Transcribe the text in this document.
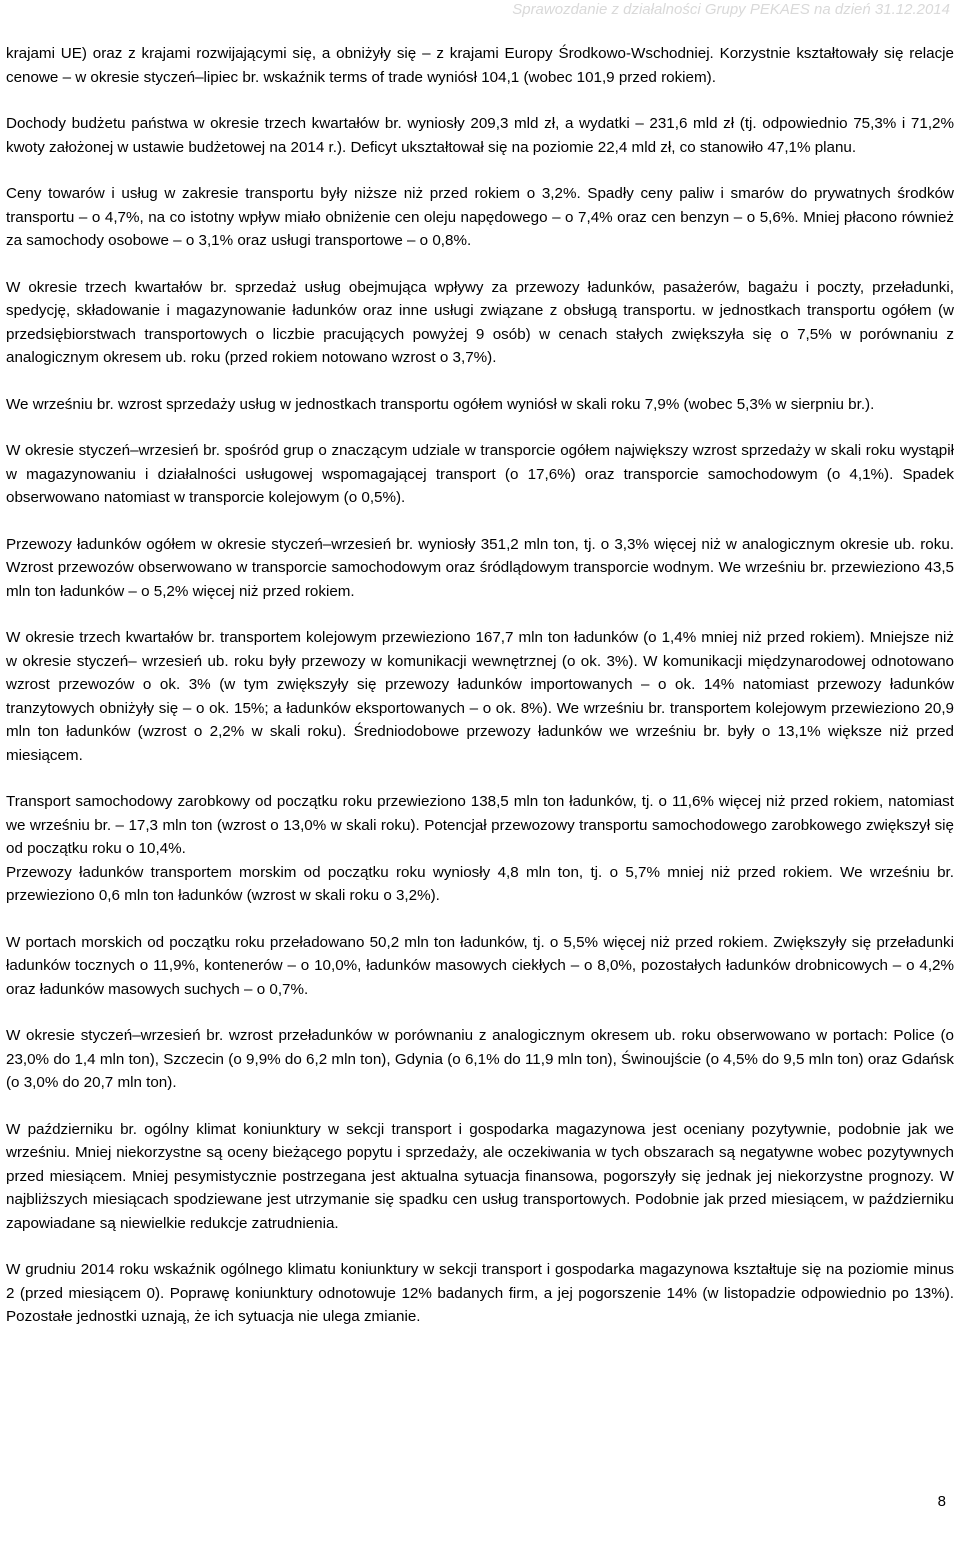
Sprawozdanie z działalności Grupy PEKAES na dzień 31.12.2014

krajami UE) oraz z krajami rozwijającymi się, a obniżyły się – z krajami Europy Środkowo-Wschodniej. Korzystnie kształtowały się relacje cenowe – w okresie styczeń–lipiec br. wskaźnik terms of trade wyniósł 104,1 (wobec 101,9 przed rokiem).

Dochody budżetu państwa w okresie trzech kwartałów br. wyniosły 209,3 mld zł, a wydatki – 231,6 mld zł (tj. odpowiednio 75,3% i 71,2% kwoty założonej w ustawie budżetowej na 2014 r.). Deficyt ukształtował się na poziomie 22,4 mld zł, co stanowiło 47,1% planu.

Ceny towarów i usług w zakresie transportu były niższe niż przed rokiem o 3,2%. Spadły ceny paliw i smarów do prywatnych środków transportu – o 4,7%, na co istotny wpływ miało obniżenie cen oleju napędowego – o 7,4% oraz cen benzyn – o 5,6%. Mniej płacono również za samochody osobowe – o 3,1% oraz usługi transportowe – o 0,8%.

W okresie trzech kwartałów br. sprzedaż usług obejmująca wpływy za przewozy ładunków, pasażerów, bagażu i poczty, przeładunki, spedycję, składowanie i magazynowanie ładunków oraz inne usługi związane z obsługą transportu. w jednostkach transportu ogółem (w przedsiębiorstwach transportowych o liczbie pracujących powyżej 9 osób) w cenach stałych zwiększyła się o 7,5% w porównaniu z analogicznym okresem ub. roku (przed rokiem notowano wzrost o 3,7%).

We wrześniu br. wzrost sprzedaży usług w jednostkach transportu ogółem wyniósł w skali roku 7,9% (wobec 5,3% w sierpniu br.).

W okresie styczeń–wrzesień br. spośród grup o znaczącym udziale w transporcie ogółem największy wzrost sprzedaży w skali roku wystąpił w magazynowaniu i działalności usługowej wspomagającej transport (o 17,6%) oraz transporcie samochodowym (o 4,1%). Spadek obserwowano natomiast w transporcie kolejowym (o 0,5%).

Przewozy ładunków ogółem w okresie styczeń–wrzesień br. wyniosły 351,2 mln ton, tj. o 3,3% więcej niż w analogicznym okresie ub. roku. Wzrost przewozów obserwowano w transporcie samochodowym oraz śródlądowym transporcie wodnym. We wrześniu br. przewieziono 43,5 mln ton ładunków – o 5,2% więcej niż przed rokiem.

W okresie trzech kwartałów br. transportem kolejowym przewieziono 167,7 mln ton ładunków (o 1,4% mniej niż przed rokiem). Mniejsze niż w okresie styczeń– wrzesień ub. roku były przewozy w komunikacji wewnętrznej (o ok. 3%). W komunikacji międzynarodowej odnotowano wzrost przewozów o ok. 3% (w tym zwiększyły się przewozy ładunków importowanych – o ok. 14% natomiast przewozy ładunków tranzytowych obniżyły się – o ok. 15%; a ładunków eksportowanych – o ok. 8%). We wrześniu br. transportem kolejowym przewieziono 20,9 mln ton ładunków (wzrost o 2,2% w skali roku). Średniodobowe przewozy ładunków we wrześniu br. były o 13,1% większe niż przed miesiącem.

Transport samochodowy zarobkowy od początku roku przewieziono 138,5 mln ton ładunków, tj. o 11,6% więcej niż przed rokiem, natomiast we wrześniu br. – 17,3 mln ton (wzrost o 13,0% w skali roku). Potencjał przewozowy transportu samochodowego zarobkowego zwiększył się od początku roku o 10,4%.

Przewozy ładunków transportem morskim od początku roku wyniosły 4,8 mln ton, tj. o 5,7% mniej niż przed rokiem. We wrześniu br. przewieziono 0,6 mln ton ładunków (wzrost w skali roku o 3,2%).

W portach morskich od początku roku przeładowano 50,2 mln ton ładunków, tj. o 5,5% więcej niż przed rokiem. Zwiększyły się przeładunki ładunków tocznych o 11,9%, kontenerów – o 10,0%, ładunków masowych ciekłych – o 8,0%, pozostałych ładunków drobnicowych – o 4,2% oraz ładunków masowych suchych – o 0,7%.

W okresie styczeń–wrzesień br. wzrost przeładunków w porównaniu z analogicznym okresem ub. roku obserwowano w portach: Police (o 23,0% do 1,4 mln ton), Szczecin (o 9,9% do 6,2 mln ton), Gdynia (o 6,1% do 11,9 mln ton), Świnoujście (o 4,5% do 9,5 mln ton) oraz Gdańsk (o 3,0% do 20,7 mln ton).

W październiku br. ogólny klimat koniunktury w sekcji transport i gospodarka magazynowa jest oceniany pozytywnie, podobnie jak we wrześniu. Mniej niekorzystne są oceny bieżącego popytu i sprzedaży, ale oczekiwania w tych obszarach są negatywne wobec pozytywnych przed miesiącem. Mniej pesymistycznie postrzegana jest aktualna sytuacja finansowa, pogorszyły się jednak jej niekorzystne prognozy. W najbliższych miesiącach spodziewane jest utrzymanie się spadku cen usług transportowych. Podobnie jak przed miesiącem, w październiku zapowiadane są niewielkie redukcje zatrudnienia.

W grudniu 2014 roku wskaźnik ogólnego klimatu koniunktury w sekcji transport i gospodarka magazynowa kształtuje się na poziomie minus 2 (przed miesiącem 0). Poprawę koniunktury odnotowuje 12% badanych firm, a jej pogorszenie 14% (w listopadzie odpowiednio po 13%). Pozostałe jednostki uznają, że ich sytuacja nie ulega zmianie.

8
